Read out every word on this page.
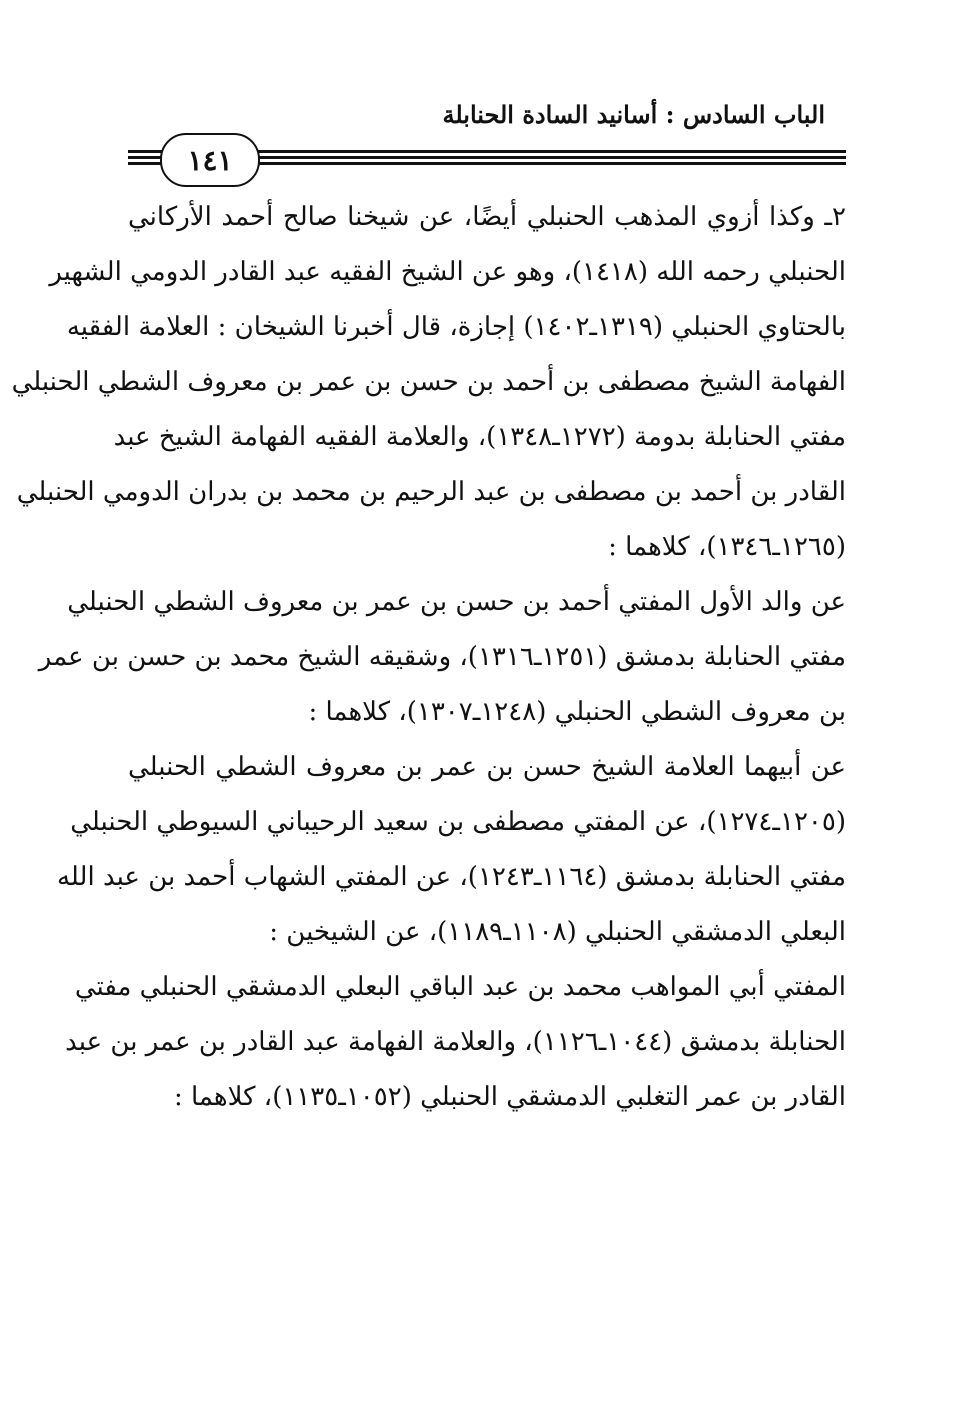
الباب السادس : أسانيد السادة الحنابلة
١٤١
٢ـ وكذا أزوي المذهب الحنبلي أيضًا، عن شيخنا صالح أحمد الأركاني
الحنبلي رحمه الله (١٤١٨)، وهو عن الشيخ الفقيه عبد القادر الدومي الشهير
بالحتاوي الحنبلي (١٣١٩ـ١٤٠٢) إجازة، قال أخبرنا الشيخان : العلامة الفقيه
الفهامة الشيخ مصطفى بن أحمد بن حسن بن عمر بن معروف الشطي الحنبلي
مفتي الحنابلة بدومة (١٢٧٢ـ١٣٤٨)، والعلامة الفقيه الفهامة الشيخ عبد
القادر بن أحمد بن مصطفى بن عبد الرحيم بن محمد بن بدران الدومي الحنبلي
(١٢٦٥ـ١٣٤٦)، كلاهما :
عن والد الأول المفتي أحمد بن حسن بن عمر بن معروف الشطي الحنبلي
مفتي الحنابلة بدمشق (١٢٥١ـ١٣١٦)، وشقيقه الشيخ محمد بن حسن بن عمر
بن معروف الشطي الحنبلي (١٢٤٨ـ١٣٠٧)، كلاهما :
عن أبيهما العلامة الشيخ حسن بن عمر بن معروف الشطي الحنبلي
(١٢٠٥ـ١٢٧٤)، عن المفتي مصطفى بن سعيد الرحيباني السيوطي الحنبلي
مفتي الحنابلة بدمشق (١١٦٤ـ١٢٤٣)، عن المفتي الشهاب أحمد بن عبد الله
البعلي الدمشقي الحنبلي (١١٠٨ـ١١٨٩)، عن الشيخين :
المفتي أبي المواهب محمد بن عبد الباقي البعلي الدمشقي الحنبلي مفتي
الحنابلة بدمشق (١٠٤٤ـ١١٢٦)، والعلامة الفهامة عبد القادر بن عمر بن عبد
القادر بن عمر التغلبي الدمشقي الحنبلي (١٠٥٢ـ١١٣٥)، كلاهما :
